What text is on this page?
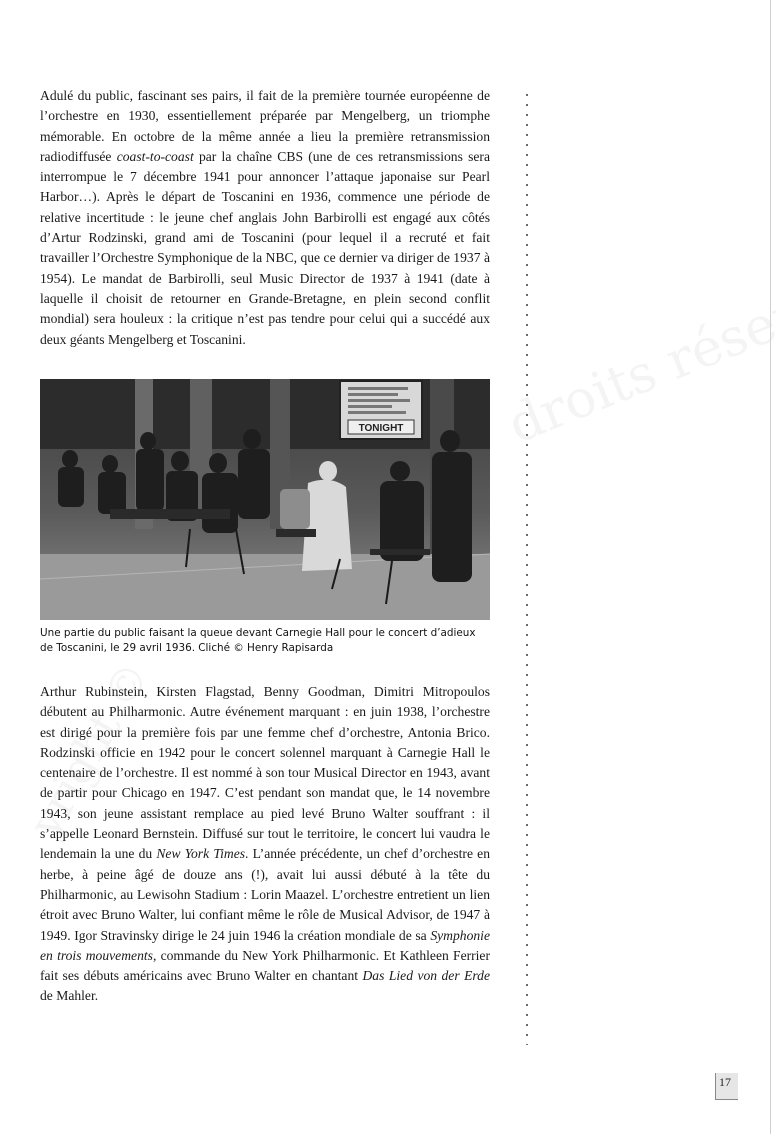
Adulé du public, fascinant ses pairs, il fait de la première tournée européenne de l’orchestre en 1930, essentiellement préparée par Mengelberg, un triomphe mémorable. En octobre de la même année a lieu la première retransmission radiodiffusée coast-to-coast par la chaîne CBS (une de ces retransmissions sera interrompue le 7 décembre 1941 pour annoncer l’attaque japonaise sur Pearl Harbor…). Après le départ de Toscanini en 1936, commence une période de relative incertitude : le jeune chef anglais John Barbirolli est engagé aux côtés d’Artur Rodzinski, grand ami de Toscanini (pour lequel il a recruté et fait travailler l’Orchestre Symphonique de la NBC, que ce dernier va diriger de 1937 à 1954). Le mandat de Barbirolli, seul Music Director de 1937 à 1941 (date à laquelle il choisit de retourner en Grande-Bretagne, en plein second conflit mondial) sera houleux : la critique n’est pas tendre pour celui qui a succédé aux deux géants Mengelberg et Toscanini.

TONIGHT

Une partie du public faisant la queue devant Carnegie Hall pour le concert d’adieux de Toscanini, le 29 avril 1936. Cliché © Henry Rapisarda

Arthur Rubinstein, Kirsten Flagstad, Benny Goodman, Dimitri Mitropoulos débutent au Philharmonic. Autre événement marquant : en juin 1938, l’orchestre est dirigé pour la première fois par une femme chef d’orchestre, Antonia Brico. Rodzinski officie en 1942 pour le concert solennel marquant à Carnegie Hall le centenaire de l’orchestre. Il est nommé à son tour Musical Director en 1943, avant de partir pour Chicago en 1947. C’est pendant son mandat que, le 14 novembre 1943, son jeune assistant remplace au pied levé Bruno Walter souffrant : il s’appelle Leonard Bernstein. Diffusé sur tout le territoire, le concert lui vaudra le lendemain la une du New York Times. L’année précédente, un chef d’orchestre en herbe, à peine âgé de douze ans (!), avait lui aussi débuté à la tête du Philharmonic, au Lewisohn Stadium : Lorin Maazel. L’orchestre entretient un lien étroit avec Bruno Walter, lui confiant même le rôle de Musical Advisor, de 1947 à 1949. Igor Stravinsky dirige le 24 juin 1946 la création mondiale de sa Symphonie en trois mouvements, commande du New York Philharmonic. Et Kathleen Ferrier fait ses débuts américains avec Bruno Walter en chantant Das Lied von der Erde de Mahler.

17
